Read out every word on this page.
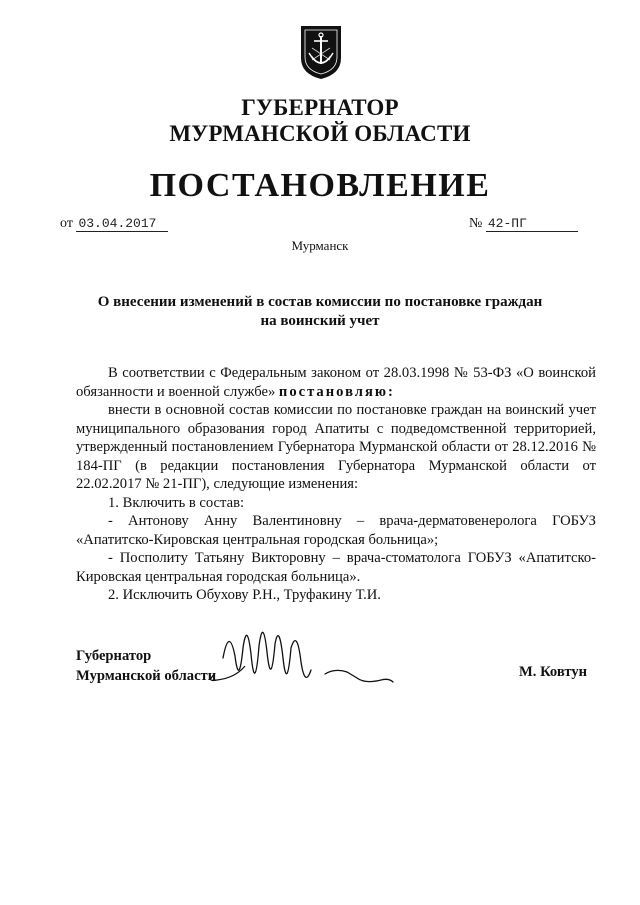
ГУБЕРНАТОР
МУРМАНСКОЙ ОБЛАСТИ
ПОСТАНОВЛЕНИЕ
от 03.04.2017	№ 42-ПГ
Мурманск
О внесении изменений в состав комиссии по постановке граждан
на воинский учет

В соответствии с Федеральным законом от 28.03.1998 № 53-ФЗ «О воинской обязанности и военной службе» постановляю:

внести в основной состав комиссии по постановке граждан на воинский учет муниципального образования город Апатиты с подведомственной территорией, утвержденный постановлением Губернатора Мурманской области от 28.12.2016 № 184-ПГ (в редакции постановления Губернатора Мурманской области от 22.02.2017 № 21-ПГ), следующие изменения:

1. Включить в состав:

- Антонову Анну Валентиновну – врача-дерматовенеролога ГОБУЗ «Апатитско-Кировская центральная городская больница»;

- Посполиту Татьяну Викторовну – врача-стоматолога ГОБУЗ «Апатитско-Кировская центральная городская больница».

2. Исключить Обухову Р.Н., Труфакину Т.И.

Губернатор
Мурманской области	М. Ковтун
